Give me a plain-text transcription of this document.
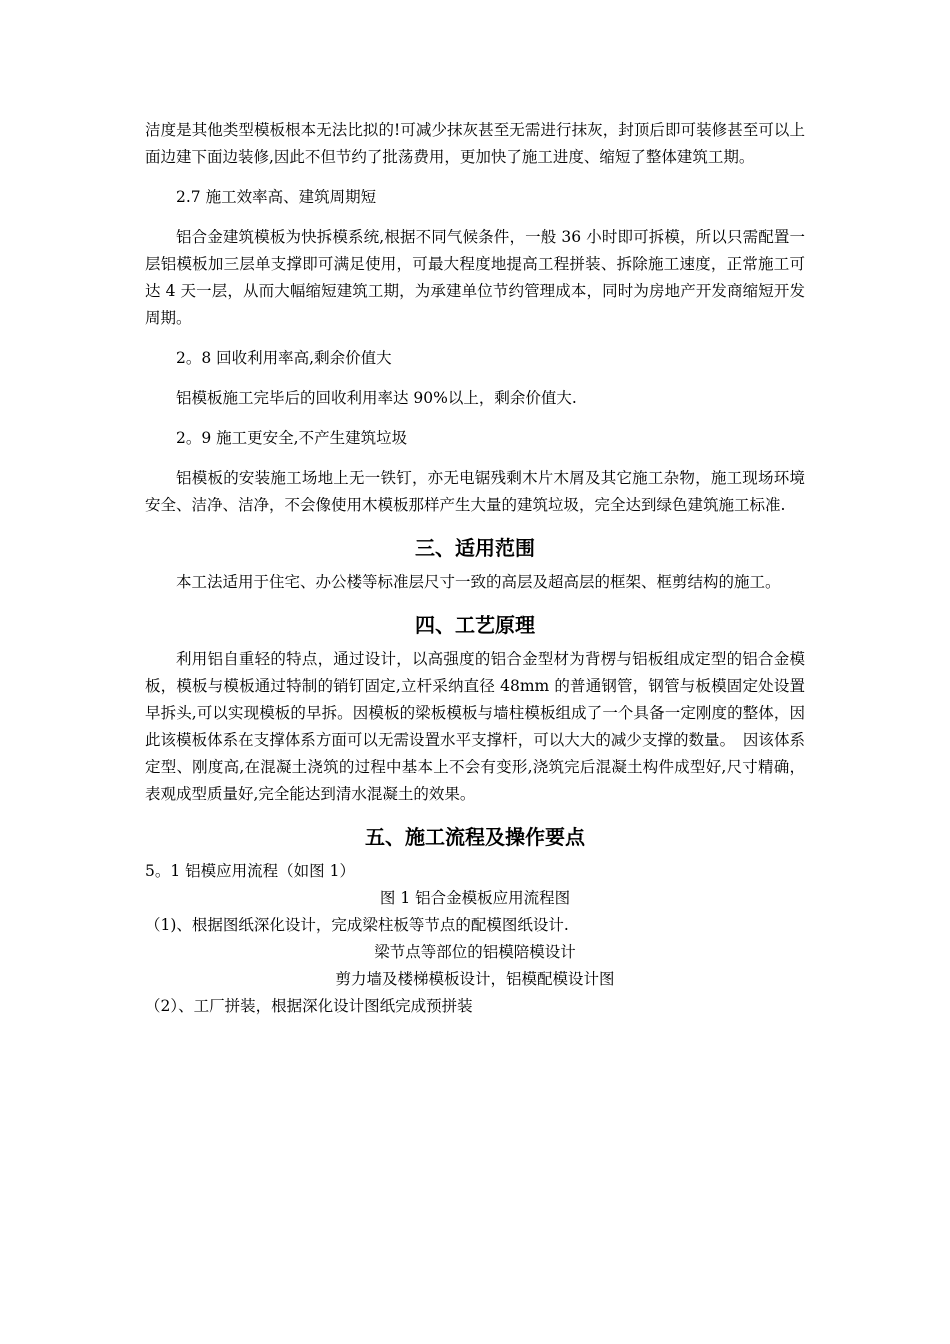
洁度是其他类型模板根本无法比拟的!可减少抹灰甚至无需进行抹灰，封顶后即可装修甚至可以上面边建下面边装修,因此不但节约了批荡费用，更加快了施工进度、缩短了整体建筑工期。

2.7 施工效率高、建筑周期短

铝合金建筑模板为快拆模系统,根据不同气候条件，一般 36 小时即可拆模，所以只需配置一层铝模板加三层单支撑即可满足使用，可最大程度地提高工程拼装、拆除施工速度，正常施工可达 4 天一层，从而大幅缩短建筑工期，为承建单位节约管理成本，同时为房地产开发商缩短开发周期。

2。8 回收利用率高,剩余价值大

铝模板施工完毕后的回收利用率达 90%以上，剩余价值大.

2。9 施工更安全,不产生建筑垃圾

铝模板的安装施工场地上无一铁钉，亦无电锯残剩木片木屑及其它施工杂物，施工现场环境安全、洁净、洁净，不会像使用木模板那样产生大量的建筑垃圾，完全达到绿色建筑施工标准.

三、适用范围

本工法适用于住宅、办公楼等标准层尺寸一致的高层及超高层的框架、框剪结构的施工。

四、工艺原理

利用铝自重轻的特点，通过设计，以高强度的铝合金型材为背楞与铝板组成定型的铝合金模板，模板与模板通过特制的销钉固定,立杆采纳直径 48mm 的普通钢管，钢管与板模固定处设置早拆头,可以实现模板的早拆。因模板的梁板模板与墙柱模板组成了一个具备一定刚度的整体，因此该模板体系在支撑体系方面可以无需设置水平支撑杆，可以大大的减少支撑的数量。　因该体系定型、刚度高,在混凝土浇筑的过程中基本上不会有变形,浇筑完后混凝土构件成型好,尺寸精确，表观成型质量好,完全能达到清水混凝土的效果。

五、施工流程及操作要点

5。1 铝模应用流程（如图 1）

图 1 铝合金模板应用流程图

（1)、根据图纸深化设计，完成梁柱板等节点的配模图纸设计.

梁节点等部位的铝模陪模设计

剪力墙及楼梯模板设计，铝模配模设计图

（2）、工厂拼装，根据深化设计图纸完成预拼装
